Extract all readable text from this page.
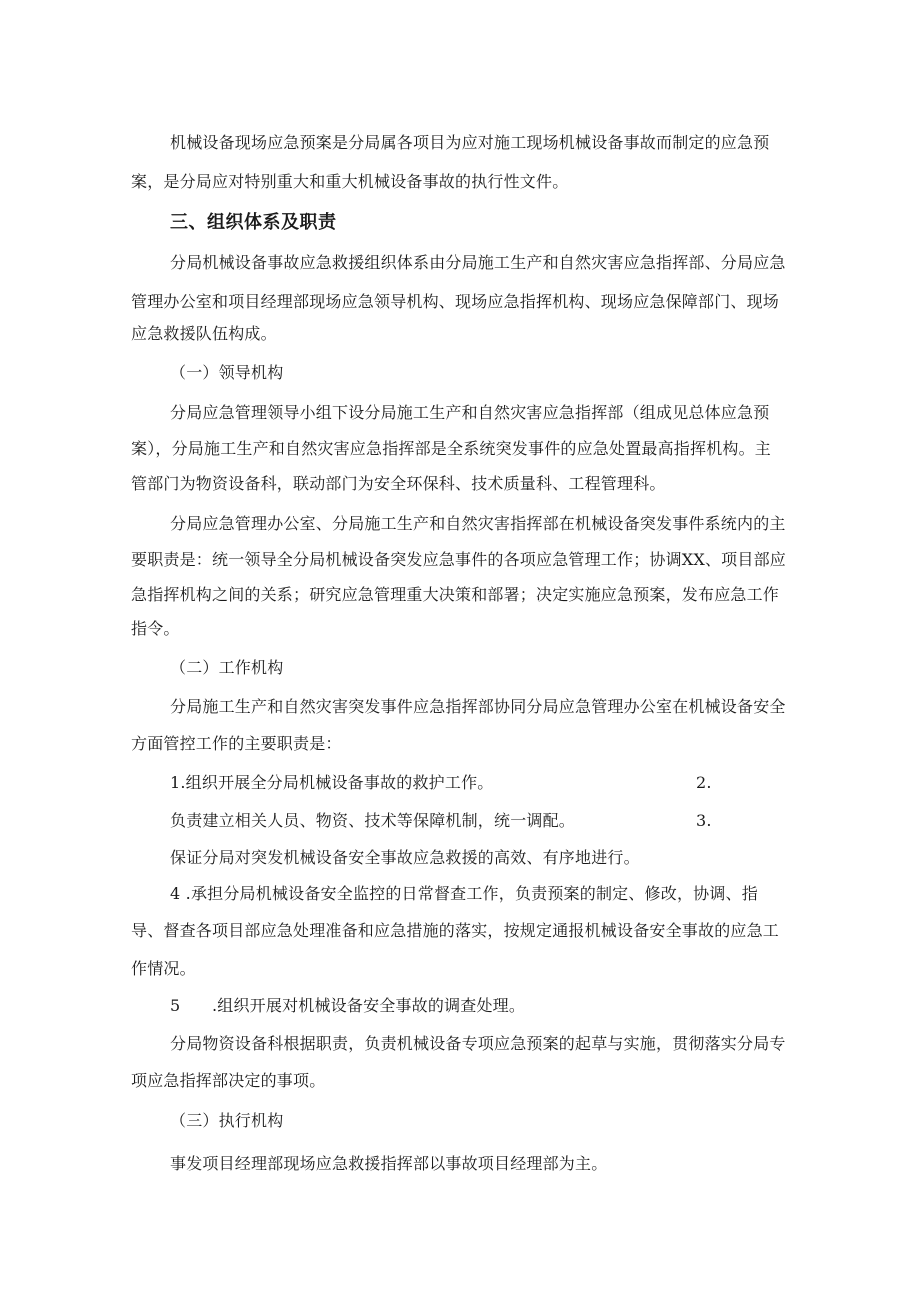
机械设备现场应急预案是分局属各项目为应对施工现场机械设备事故而制定的应急预
案，是分局应对特别重大和重大机械设备事故的执行性文件。
三、组织体系及职责
分局机械设备事故应急救援组织体系由分局施工生产和自然灾害应急指挥部、分局应急
管理办公室和项目经理部现场应急领导机构、现场应急指挥机构、现场应急保障部门、现场
应急救援队伍构成。
（一）领导机构
分局应急管理领导小组下设分局施工生产和自然灾害应急指挥部（组成见总体应急预
案），分局施工生产和自然灾害应急指挥部是全系统突发事件的应急处置最高指挥机构。主
管部门为物资设备科，联动部门为安全环保科、技术质量科、工程管理科。
分局应急管理办公室、分局施工生产和自然灾害指挥部在机械设备突发事件系统内的主
要职责是：统一领导全分局机械设备突发应急事件的各项应急管理工作；协调XX、项目部应
急指挥机构之间的关系；研究应急管理重大决策和部署；决定实施应急预案，发布应急工作
指令。
（二）工作机构
分局施工生产和自然灾害突发事件应急指挥部协同分局应急管理办公室在机械设备安全
方面管控工作的主要职责是：
1.组织开展全分局机械设备事故的救护工作。	2.
负责建立相关人员、物资、技术等保障机制，统一调配。	3.
保证分局对突发机械设备安全事故应急救援的高效、有序地进行。
4 .承担分局机械设备安全监控的日常督查工作，负责预案的制定、修改，协调、指
导、督查各项目部应急处理准备和应急措施的落实，按规定通报机械设备安全事故的应急工
作情况。
5 .组织开展对机械设备安全事故的调查处理。
分局物资设备科根据职责，负责机械设备专项应急预案的起草与实施，贯彻落实分局专
项应急指挥部决定的事项。
（三）执行机构
事发项目经理部现场应急救援指挥部以事故项目经理部为主。
